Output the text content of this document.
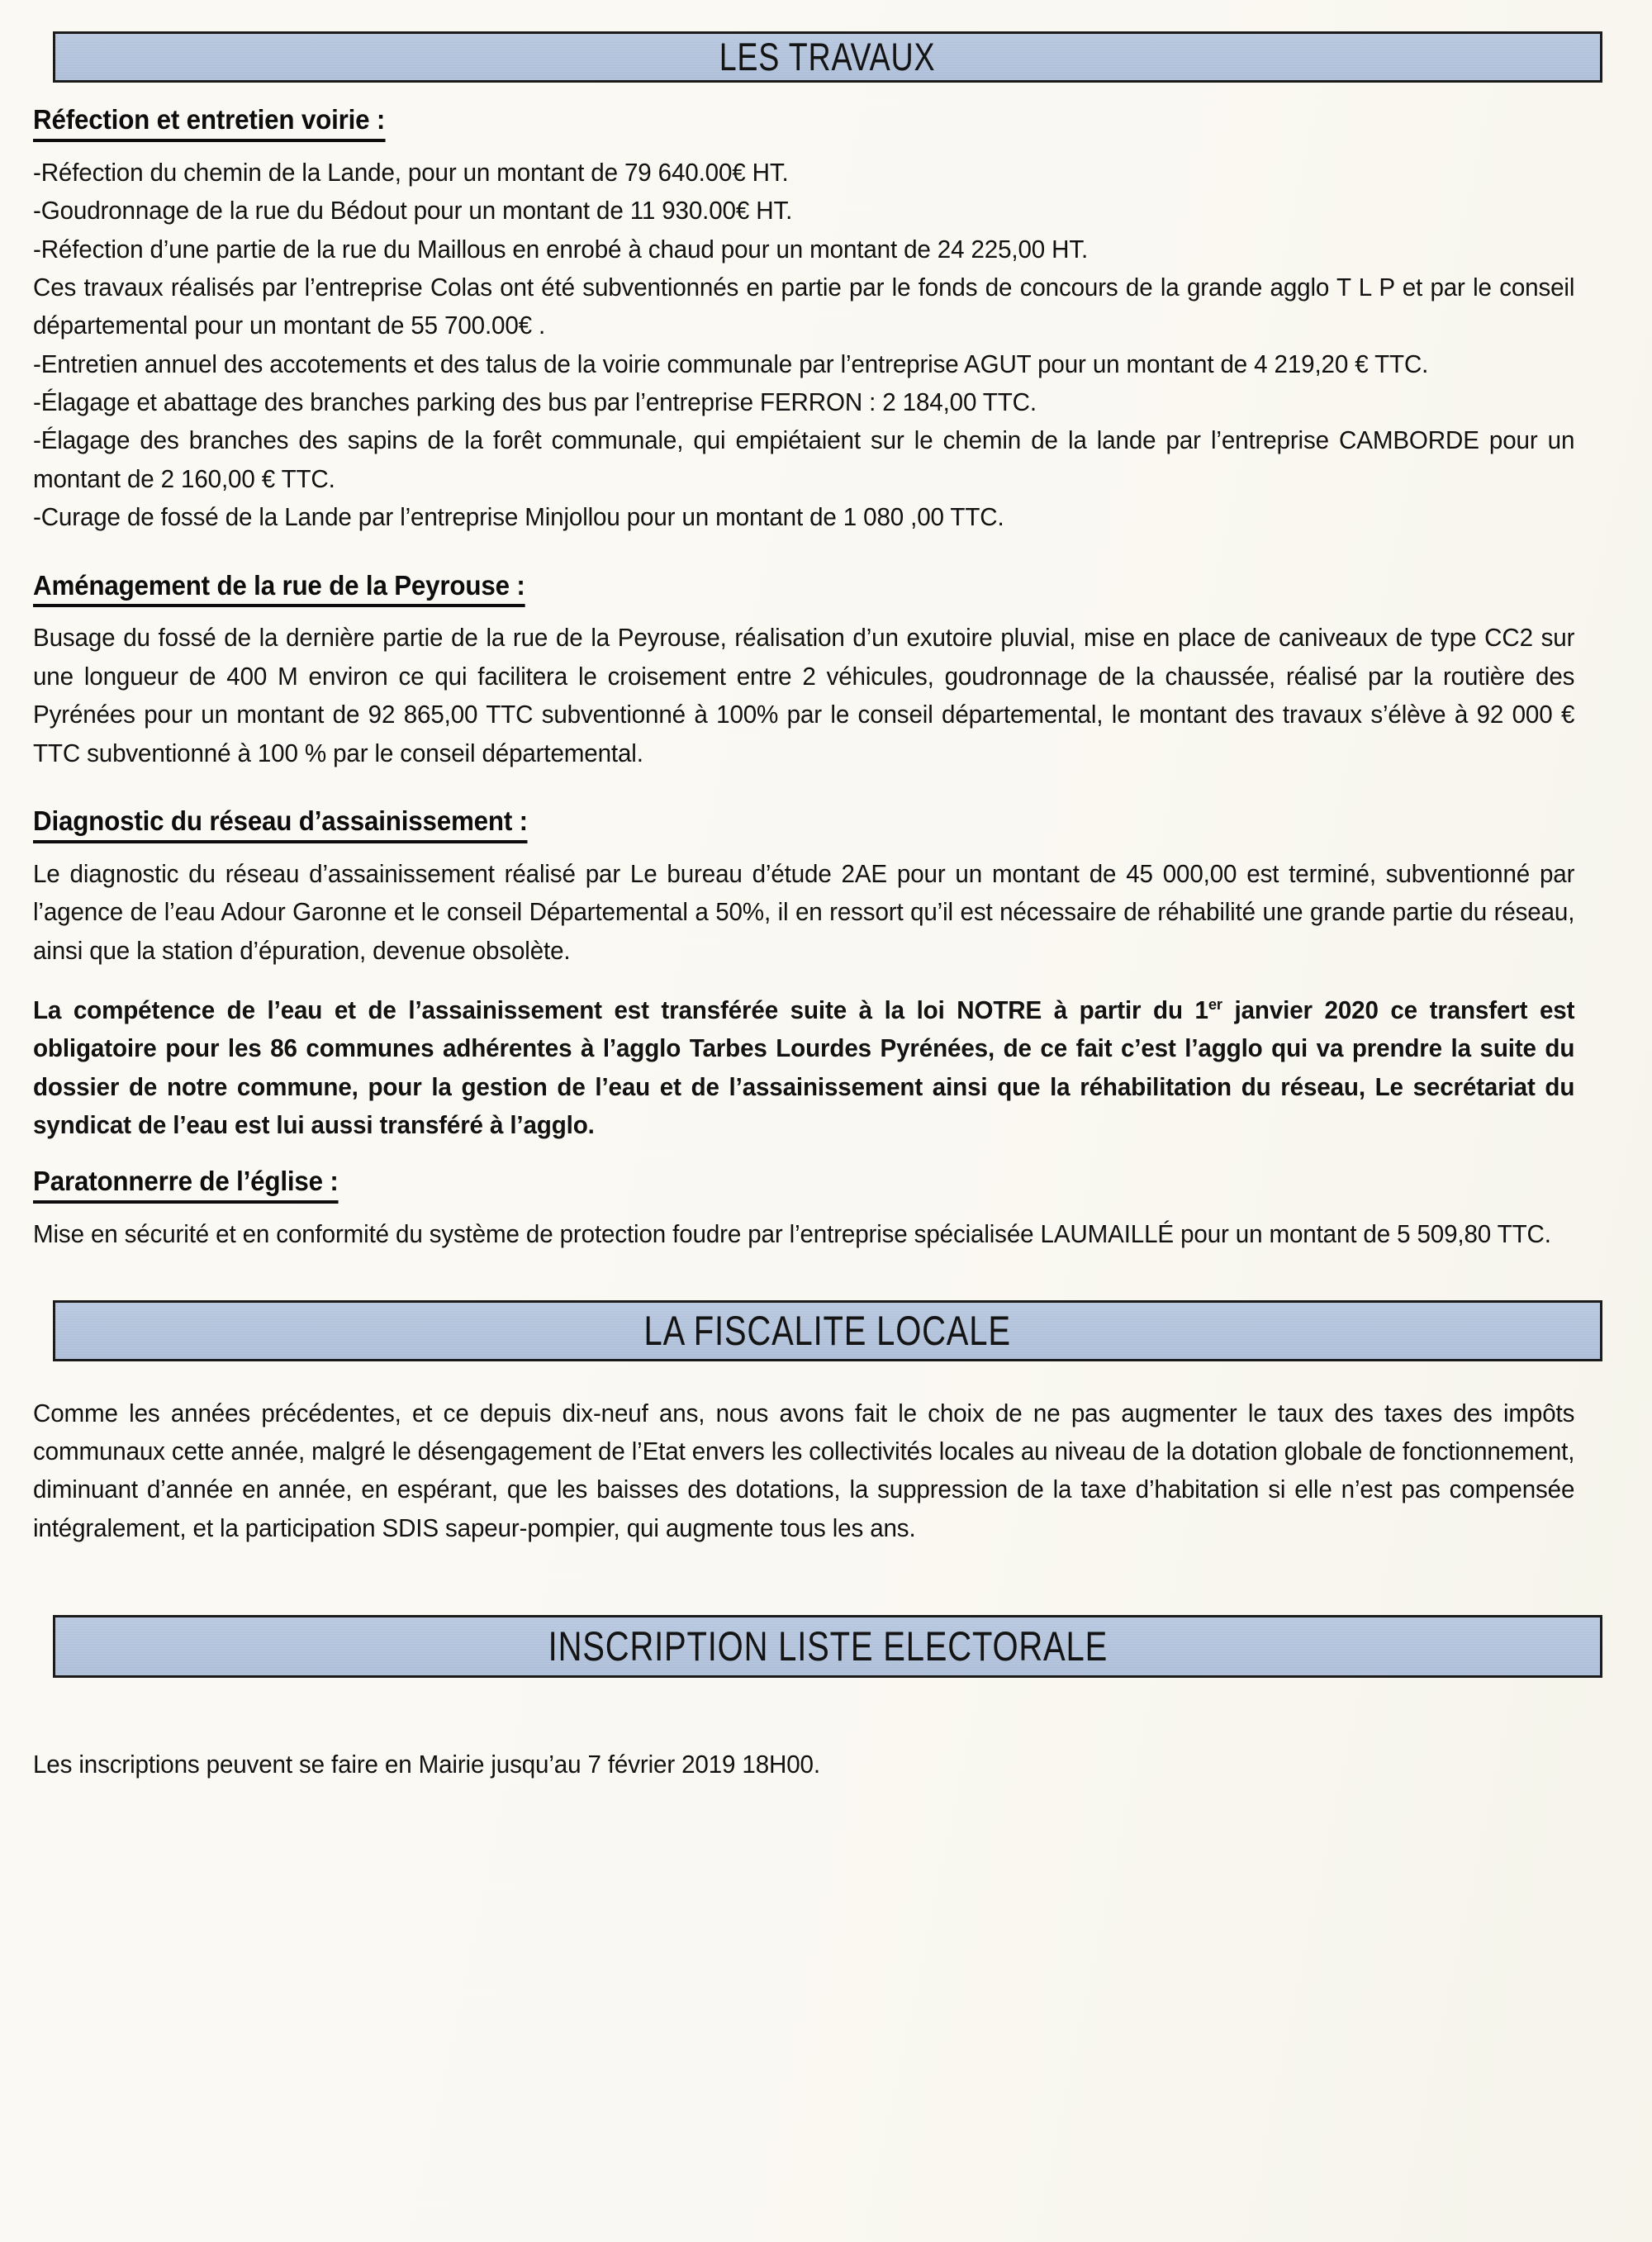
LES TRAVAUX
Réfection et entretien voirie :

-Réfection du chemin de la Lande, pour un montant de 79 640.00€ HT.

-Goudronnage de la rue du Bédout pour un montant de 11 930.00€ HT.

-Réfection d’une partie de la rue du Maillous en enrobé à chaud pour un montant de 24 225,00 HT.

Ces travaux réalisés par l’entreprise Colas ont été subventionnés en partie par le fonds de concours de la grande agglo T L P et par le conseil départemental pour un montant de 55 700.00€ .

-Entretien annuel des accotements et des talus de la voirie communale par l’entreprise AGUT pour un montant de 4 219,20 € TTC.

-Élagage et abattage des branches parking des bus par l’entreprise FERRON : 2 184,00 TTC.

-Élagage des branches des sapins de la forêt communale, qui empiétaient sur le chemin de la lande par l’entreprise CAMBORDE pour un montant de 2 160,00 € TTC.

-Curage de fossé de la Lande par l’entreprise Minjollou pour un montant de 1 080 ,00 TTC.

Aménagement de la rue de la Peyrouse :

Busage du fossé de la dernière partie de la rue de la Peyrouse, réalisation d’un exutoire pluvial, mise en place de caniveaux de type CC2 sur une longueur de 400 M environ ce qui facilitera le croisement entre 2 véhicules, goudronnage de la chaussée, réalisé par la routière des Pyrénées pour un montant de 92 865,00 TTC subventionné à 100% par le conseil départemental, le montant des travaux s’élève à 92 000 € TTC subventionné à 100 % par le conseil départemental.

Diagnostic du réseau d’assainissement :

Le diagnostic du réseau d’assainissement réalisé par Le bureau d’étude 2AE pour un montant de 45 000,00 est terminé, subventionné par l’agence de l’eau Adour Garonne et le conseil Départemental a 50%, il en ressort qu’il est nécessaire de réhabilité une grande partie du réseau, ainsi que la station d’épuration, devenue obsolète.

La compétence de l’eau et de l’assainissement est transférée suite à la loi NOTRE à partir du 1er janvier 2020 ce transfert est obligatoire pour les 86 communes adhérentes à l’agglo Tarbes Lourdes Pyrénées, de ce fait c’est l’agglo qui va prendre la suite du dossier de notre commune, pour la gestion de l’eau et de l’assainissement ainsi que la réhabilitation du réseau, Le secrétariat du syndicat de l’eau est lui aussi transféré à l’agglo.

Paratonnerre de l’église :

Mise en sécurité et en conformité du système de protection foudre par l’entreprise spécialisée LAUMAILLÉ pour un montant de 5 509,80 TTC.

LA FISCALITE LOCALE

Comme les années précédentes, et ce depuis dix-neuf ans, nous avons fait le choix de ne pas augmenter le taux des taxes des impôts communaux cette année, malgré le désengagement de l’Etat envers les collectivités locales au niveau de la dotation globale de fonctionnement, diminuant d’année en année, en espérant, que les baisses des dotations, la suppression de la taxe d’habitation si elle n’est pas compensée intégralement, et la participation SDIS sapeur-pompier, qui augmente tous les ans.

INSCRIPTION LISTE ELECTORALE

Les inscriptions peuvent se faire en Mairie jusqu’au 7 février 2019 18H00.
